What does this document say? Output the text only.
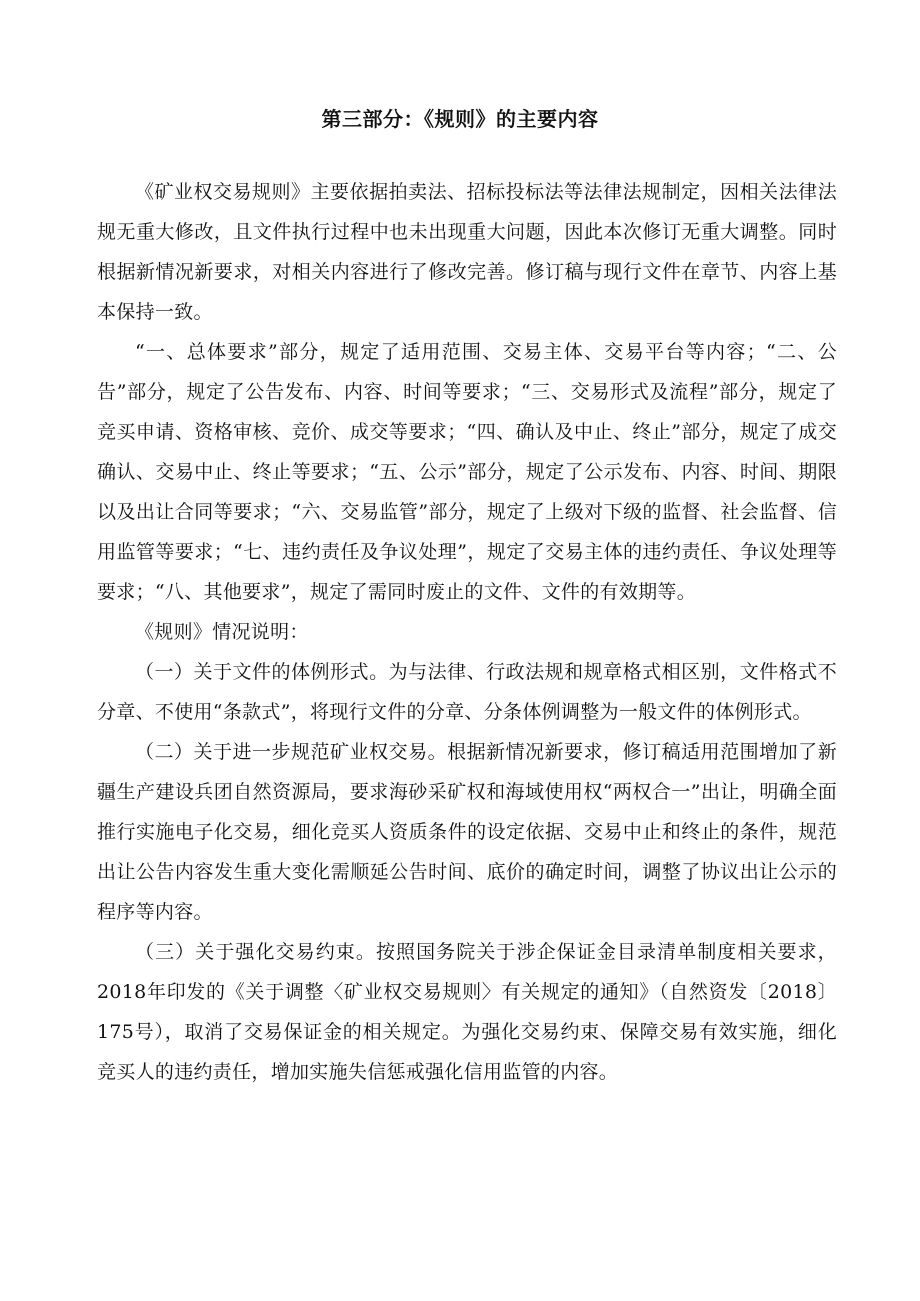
第三部分：《规则》的主要内容

《矿业权交易规则》主要依据拍卖法、招标投标法等法律法规制定，因相关法律法规无重大修改，且文件执行过程中也未出现重大问题，因此本次修订无重大调整。同时根据新情况新要求，对相关内容进行了修改完善。修订稿与现行文件在章节、内容上基本保持一致。

“一、总体要求”部分，规定了适用范围、交易主体、交易平台等内容；“二、公告”部分，规定了公告发布、内容、时间等要求；“三、交易形式及流程”部分，规定了竞买申请、资格审核、竞价、成交等要求；“四、确认及中止、终止”部分，规定了成交确认、交易中止、终止等要求；“五、公示”部分，规定了公示发布、内容、时间、期限以及出让合同等要求；“六、交易监管”部分，规定了上级对下级的监督、社会监督、信用监管等要求；“七、违约责任及争议处理”，规定了交易主体的违约责任、争议处理等要求；“八、其他要求”，规定了需同时废止的文件、文件的有效期等。

《规则》情况说明：

（一）关于文件的体例形式。为与法律、行政法规和规章格式相区别，文件格式不分章、不使用“条款式”，将现行文件的分章、分条体例调整为一般文件的体例形式。

（二）关于进一步规范矿业权交易。根据新情况新要求，修订稿适用范围增加了新疆生产建设兵团自然资源局，要求海砂采矿权和海域使用权“两权合一”出让，明确全面推行实施电子化交易，细化竞买人资质条件的设定依据、交易中止和终止的条件，规范出让公告内容发生重大变化需顺延公告时间、底价的确定时间，调整了协议出让公示的程序等内容。

（三）关于强化交易约束。按照国务院关于涉企保证金目录清单制度相关要求，2018年印发的《关于调整〈矿业权交易规则〉有关规定的通知》（自然资发〔2018〕175号），取消了交易保证金的相关规定。为强化交易约束、保障交易有效实施，细化竞买人的违约责任，增加实施失信惩戒强化信用监管的内容。
